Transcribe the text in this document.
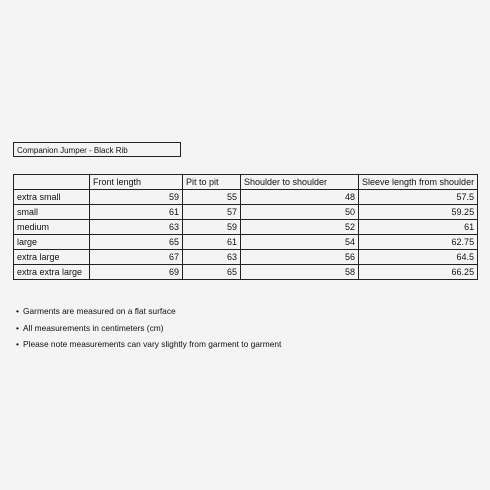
Companion Jumper - Black Rib
	Front length	Pit to pit	Shoulder to shoulder	Sleeve length from shoulder
extra small	59	55	48	57.5
small	61	57	50	59.25
medium	63	59	52	61
large	65	61	54	62.75
extra large	67	63	56	64.5
extra extra large	69	65	58	66.25
• Garments are measured on a flat surface
• All measurements in centimeters (cm)
• Please note measurements can vary slightly from garment to garment
